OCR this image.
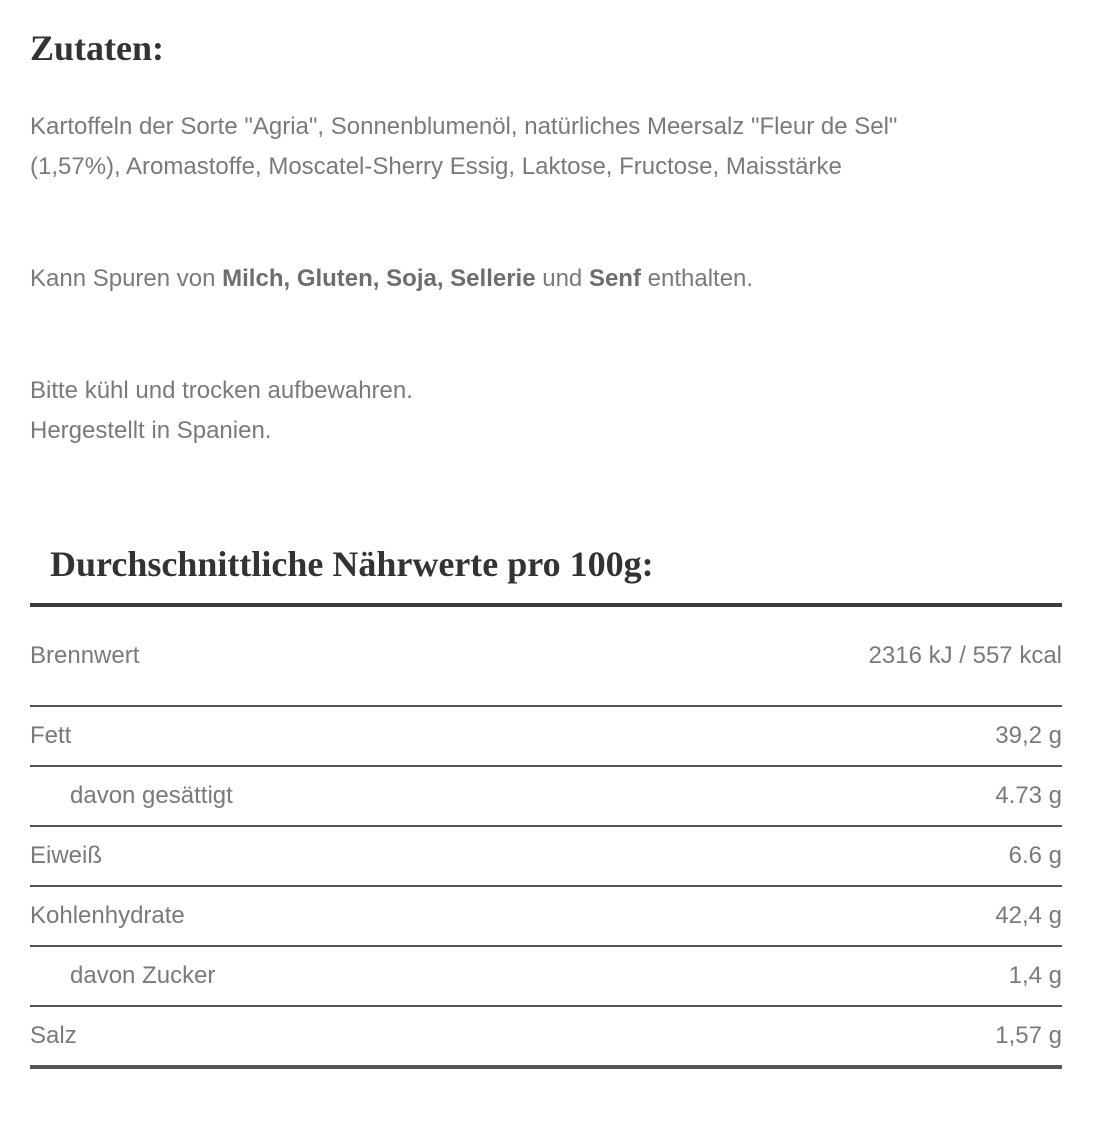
Zutaten:

Kartoffeln der Sorte "Agria", Sonnenblumenöl, natürliches Meersalz "Fleur de Sel"
(1,57%), Aromastoffe, Moscatel-Sherry Essig, Laktose, Fructose, Maisstärke

Kann Spuren von Milch, Gluten, Soja, Sellerie und Senf enthalten.

Bitte kühl und trocken aufbewahren.
Hergestellt in Spanien.

Durchschnittliche Nährwerte pro 100g:
Brennwert	2316 kJ / 557 kcal
Fett	39,2 g
davon gesättigt	4.73 g
Eiweiß	6.6 g
Kohlenhydrate	42,4 g
davon Zucker	1,4 g
Salz	1,57 g
